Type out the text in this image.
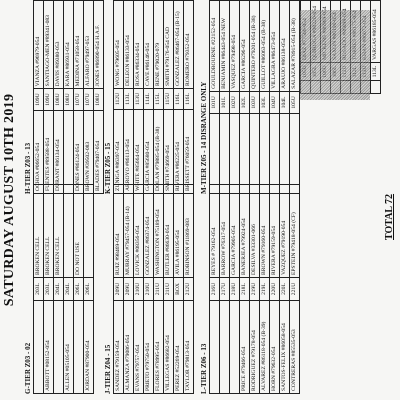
SATURDAY AUGUST 10TH 2019
G-TIER Z03 - 02
	203L	BROKEN CELL
ABBOTT #08152-054	203L	BROKEN CELL
	204L	BROKEN CELL
ALLEN #05105-054	204L	
	206L	DO NOT USE
JORDAN #87900-054	206L	
J-TIER Z04 - 15 SANDEZ #79159-054	209U	RUIZ #98469-054
ALMANZA #79086-054	209U	MURRAY #79457-054 (B-14)
EVANS #79757-054	210U	LOVICK #08356-054
PRIETO #79750-054	210U	GONZALEZ #86374-054
FLORES #78995-054	211U	WASHINGTON #75189-054
VILLEGAS #86682-054	211U	BUTLER #86630-054
PEREZ #52269-054	BOX	AVILA #86195-054
TAYLOR #79813-054	212U	ROBINSON #11869-083
L-TIER Z06 - 13
	216U	REYES # 79162-054
	217U	BARROW #76317-054
	218U	GARCIA #79905-054
PRICE #79466-054	218L	BANERJEA #79924-054
RODRIGUEZ #79178-054	219U	DESILVA #33301-066
ALVAREZ #86118-054 (B-39)	219L	BROWN #79160-054
HORN #79632-054	220U	RIVERA #79159-054
SANTOS-FELIX #86058-054	220L	VAZQUEZ #79190-054
CONTRERAS #85535-053	221U	EPSTEIN #79418-054 (CF)
H-TIER Z03 - 13 OCHOA #06652-054	109U	VIANZA #96979-054
FUENTES #89588-054	109U	SANTIAGO-MEN #89341-083
DURANT #86134-054	108U	DAVIS #89380-053
	108U	KARA #86931-054
DONES #86124-054	107U	MEDINA #71058-054
BROWN #39502-083	107U	ALFARO #79497-053
BLADES #79407-054	108U	JONES #86890-054 H.A.F.
K-TIER Z05 - 15 ZUNIGA #86397-054	112U	WONG #79605-054
ARROYO #86113-054	113L	DELEON #86133-054
WHITE #85664-054	113U	ROSA #86334-054
GARCIA #85680-054	114L	CAVE #86146-054
DOLAN #79885-054 (B-38)	115L	RENE #79020-079
SMITH #74669-054	115U	SMITH #79176-054 CAD
RIVERA #86225-054	116L	GONZALEZ #86467-054 (B-15)
BRISSETT #76059-054	116L	ROMERO #79352-054
M-TIER Z05 - 14 DISRANGE ONLY
	101U	GOULDBOURNE #22152-054
	101L	BENJAMIN #86443-054 NEW
	102U	VASQUEZ #79498-054
	102L	GARCIA #86296-054
	103U	QUINTERO #79201-054 (B-38)
	103L	GUILLOT #86063-054 (B-38)
	104U	VILLAGRA #86473-054
	104L	ARAUJO #86138-054
	105U	SALAZAR #78915-054 (B-38)

		113L	VARGAS #86185-054
TOTAL 72
